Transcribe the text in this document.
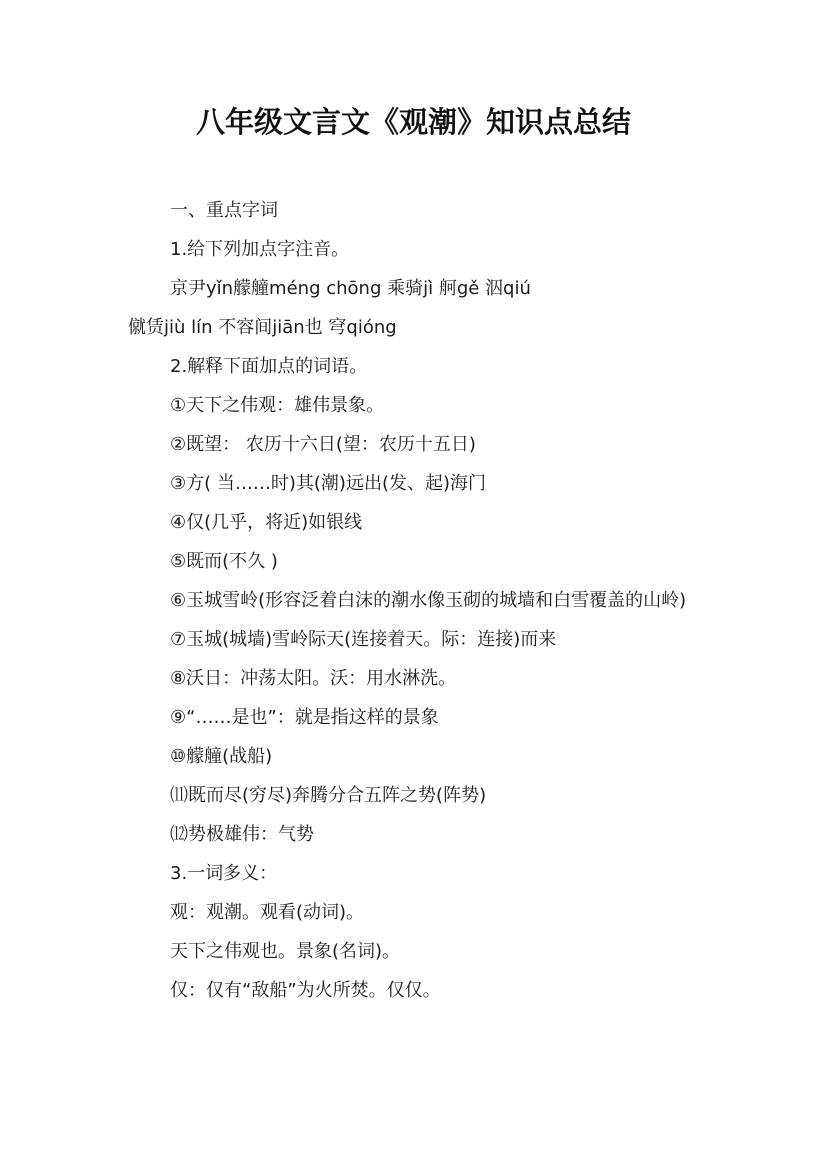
八年级文言文《观潮》知识点总结
一、重点字词
1.给下列加点字注音。
京尹yǐn艨艟méng chōng 乘骑jì 舸gě 泅qiú
僦赁jiù lín 不容间jiān也 穹qióng
2.解释下面加点的词语。
①天下之伟观：雄伟景象。
②既望： 农历十六日(望：农历十五日)
③方( 当……时)其(潮)远出(发、起)海门
④仅(几乎，将近)如银线
⑤既而(不久 )
⑥玉城雪岭(形容泛着白沫的潮水像玉砌的城墙和白雪覆盖的山岭)
⑦玉城(城墙)雪岭际天(连接着天。际：连接)而来
⑧沃日：冲荡太阳。沃：用水淋洗。
⑨“……是也”：就是指这样的景象
⑩艨艟(战船)
⑾既而尽(穷尽)奔腾分合五阵之势(阵势)
⑿势极雄伟：气势
3.一词多义：
观：观潮。观看(动词)。
天下之伟观也。景象(名词)。
仅：仅有“敌船”为火所焚。仅仅。
